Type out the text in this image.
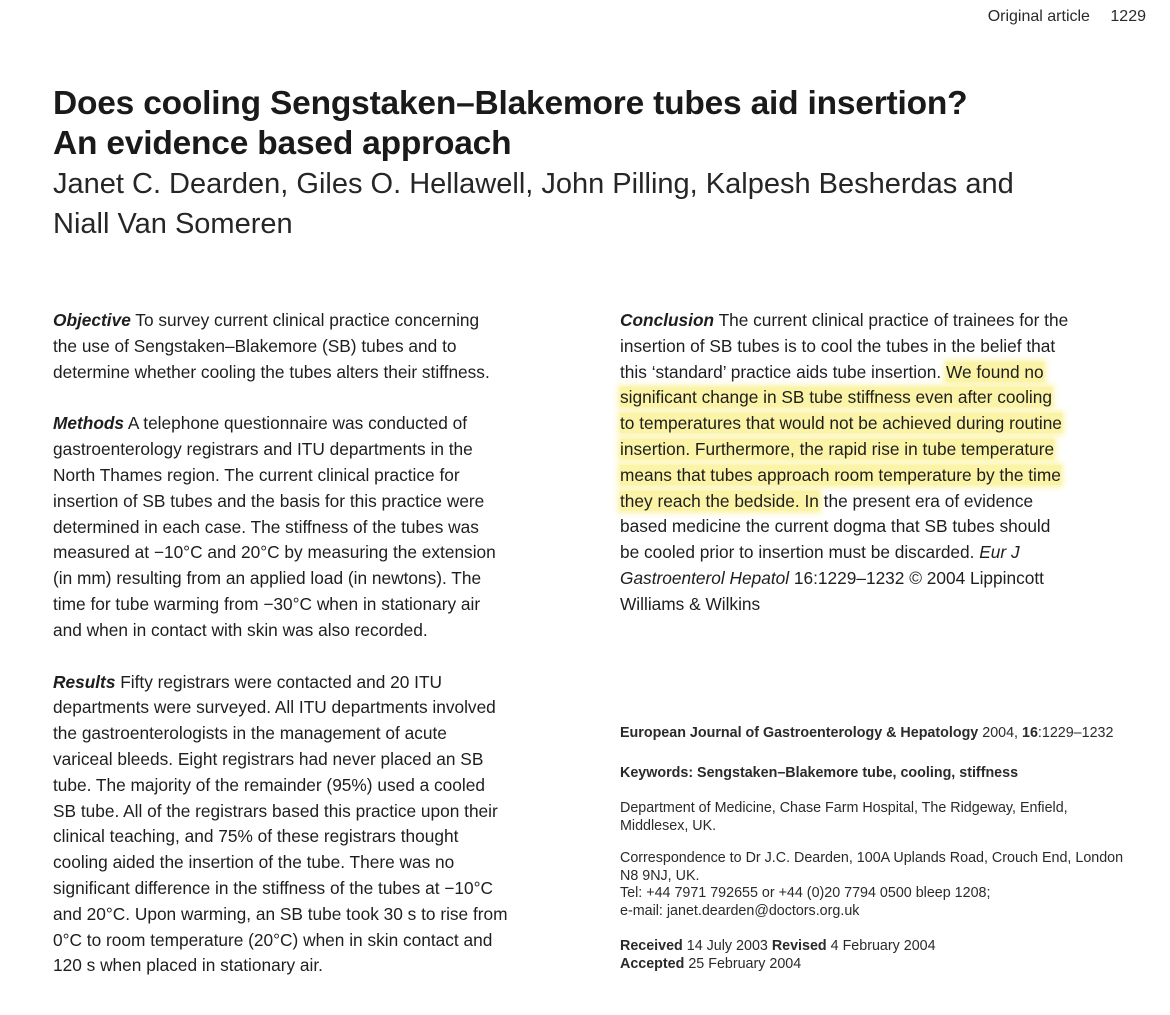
Original article 1229
Does cooling Sengstaken–Blakemore tubes aid insertion?
An evidence based approach
Janet C. Dearden, Giles O. Hellawell, John Pilling, Kalpesh Besherdas and
Niall Van Someren

Objective To survey current clinical practice concerning
the use of Sengstaken–Blakemore (SB) tubes and to
determine whether cooling the tubes alters their stiffness.

Methods A telephone questionnaire was conducted of
gastroenterology registrars and ITU departments in the
North Thames region. The current clinical practice for
insertion of SB tubes and the basis for this practice were
determined in each case. The stiffness of the tubes was
measured at −10°C and 20°C by measuring the extension
(in mm) resulting from an applied load (in newtons). The
time for tube warming from −30°C when in stationary air
and when in contact with skin was also recorded.

Results Fifty registrars were contacted and 20 ITU
departments were surveyed. All ITU departments involved
the gastroenterologists in the management of acute
variceal bleeds. Eight registrars had never placed an SB
tube. The majority of the remainder (95%) used a cooled
SB tube. All of the registrars based this practice upon their
clinical teaching, and 75% of these registrars thought
cooling aided the insertion of the tube. There was no
significant difference in the stiffness of the tubes at −10°C
and 20°C. Upon warming, an SB tube took 30 s to rise from
0°C to room temperature (20°C) when in skin contact and
120 s when placed in stationary air.

Conclusion The current clinical practice of trainees for the
insertion of SB tubes is to cool the tubes in the belief that
this ‘standard’ practice aids tube insertion. We found no
significant change in SB tube stiffness even after cooling
to temperatures that would not be achieved during routine
insertion. Furthermore, the rapid rise in tube temperature
means that tubes approach room temperature by the time
they reach the bedside. In the present era of evidence
based medicine the current dogma that SB tubes should
be cooled prior to insertion must be discarded. Eur J
Gastroenterol Hepatol 16:1229–1232 © 2004 Lippincott
Williams & Wilkins

European Journal of Gastroenterology & Hepatology 2004, 16:1229–1232

Keywords: Sengstaken–Blakemore tube, cooling, stiffness

Department of Medicine, Chase Farm Hospital, The Ridgeway, Enfield,
Middlesex, UK.

Correspondence to Dr J.C. Dearden, 100A Uplands Road, Crouch End, London
N8 9NJ, UK.
Tel: +44 7971 792655 or +44 (0)20 7794 0500 bleep 1208;
e-mail: janet.dearden@doctors.org.uk

Received 14 July 2003 Revised 4 February 2004
Accepted 25 February 2004
